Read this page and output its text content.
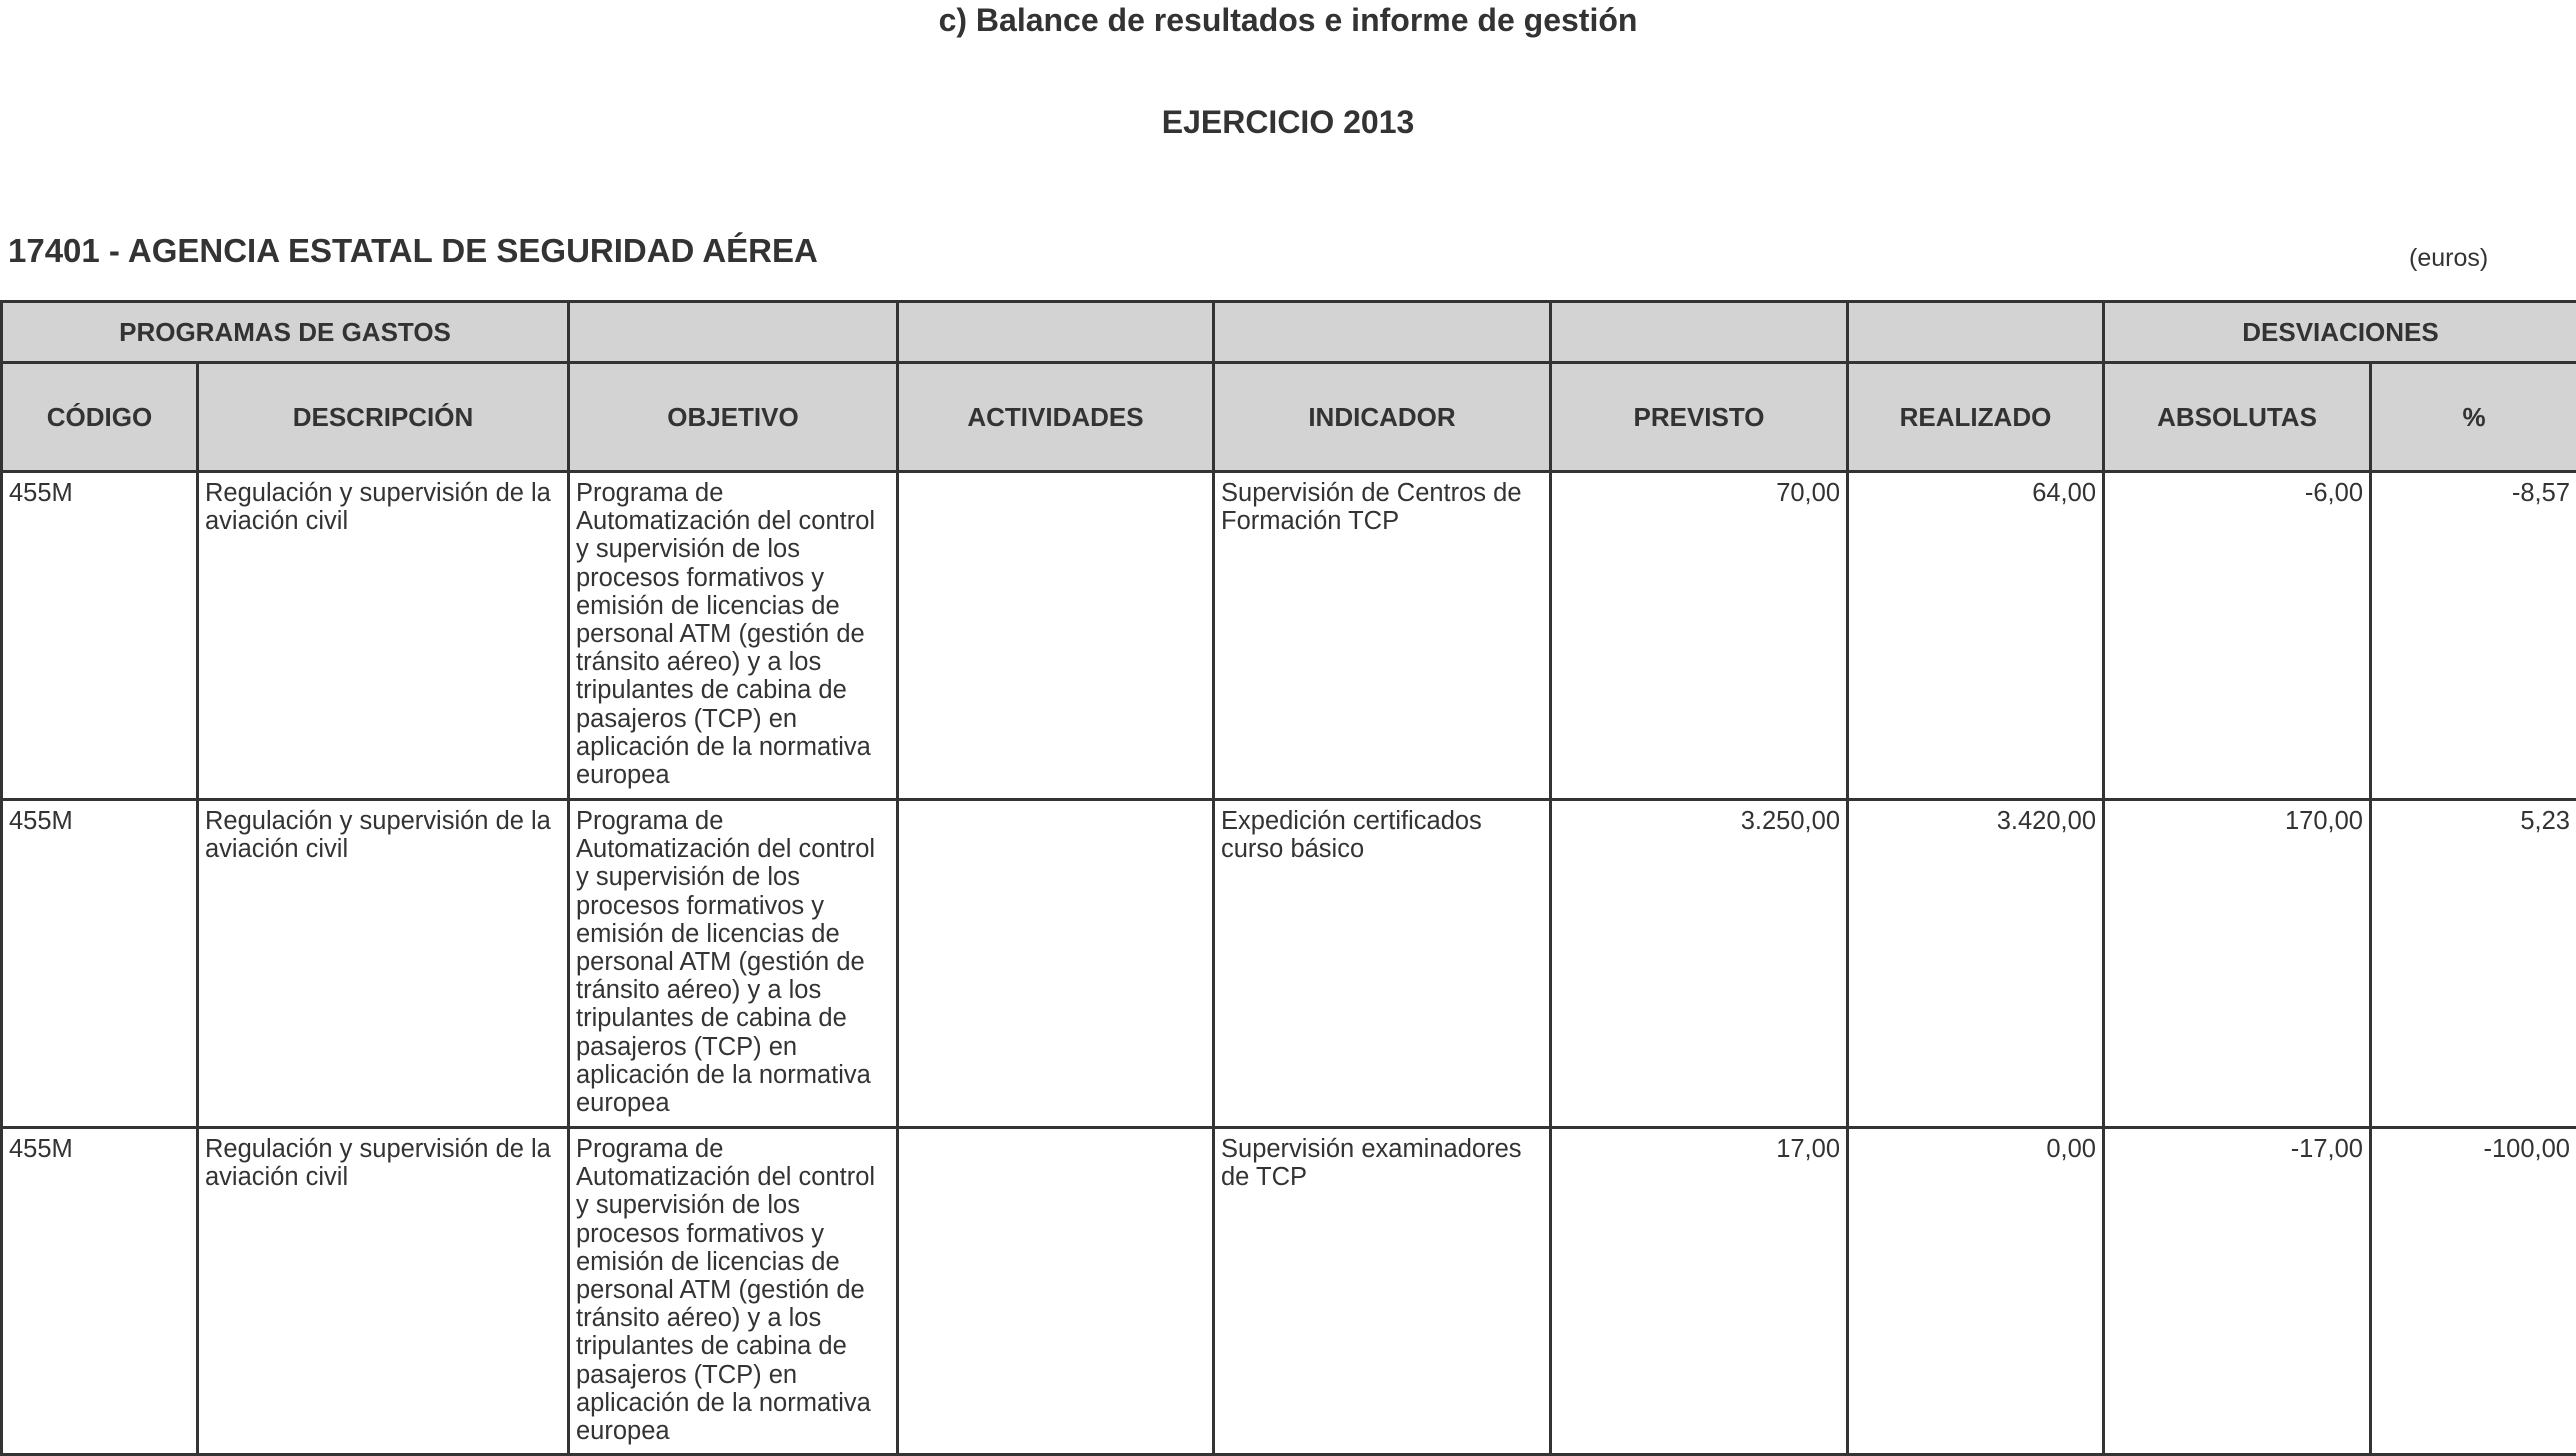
c) Balance de resultados e informe de gestión
EJERCICIO 2013
17401 - AGENCIA ESTATAL DE SEGURIDAD AÉREA	(euros)
PROGRAMAS DE GASTOS							DESVIACIONES	
CÓDIGO	DESCRIPCIÓN	OBJETIVO	ACTIVIDADES	INDICADOR	PREVISTO	REALIZADO	ABSOLUTAS	%
455M	Regulación y supervisión de la aviación civil	Programa de Automatización del control y supervisión de los procesos formativos y emisión de licencias de personal ATM (gestión de tránsito aéreo) y a los tripulantes de cabina de pasajeros (TCP) en aplicación de la normativa europea		Supervisión de Centros de Formación TCP	70,00	64,00	-6,00	-8,57
455M	Regulación y supervisión de la aviación civil	Programa de Automatización del control y supervisión de los procesos formativos y emisión de licencias de personal ATM (gestión de tránsito aéreo) y a los tripulantes de cabina de pasajeros (TCP) en aplicación de la normativa europea		Expedición certificados curso básico	3.250,00	3.420,00	170,00	5,23
455M	Regulación y supervisión de la aviación civil	Programa de Automatización del control y supervisión de los procesos formativos y emisión de licencias de personal ATM (gestión de tránsito aéreo) y a los tripulantes de cabina de pasajeros (TCP) en aplicación de la normativa europea		Supervisión examinadores de TCP	17,00	0,00	-17,00	-100,00
